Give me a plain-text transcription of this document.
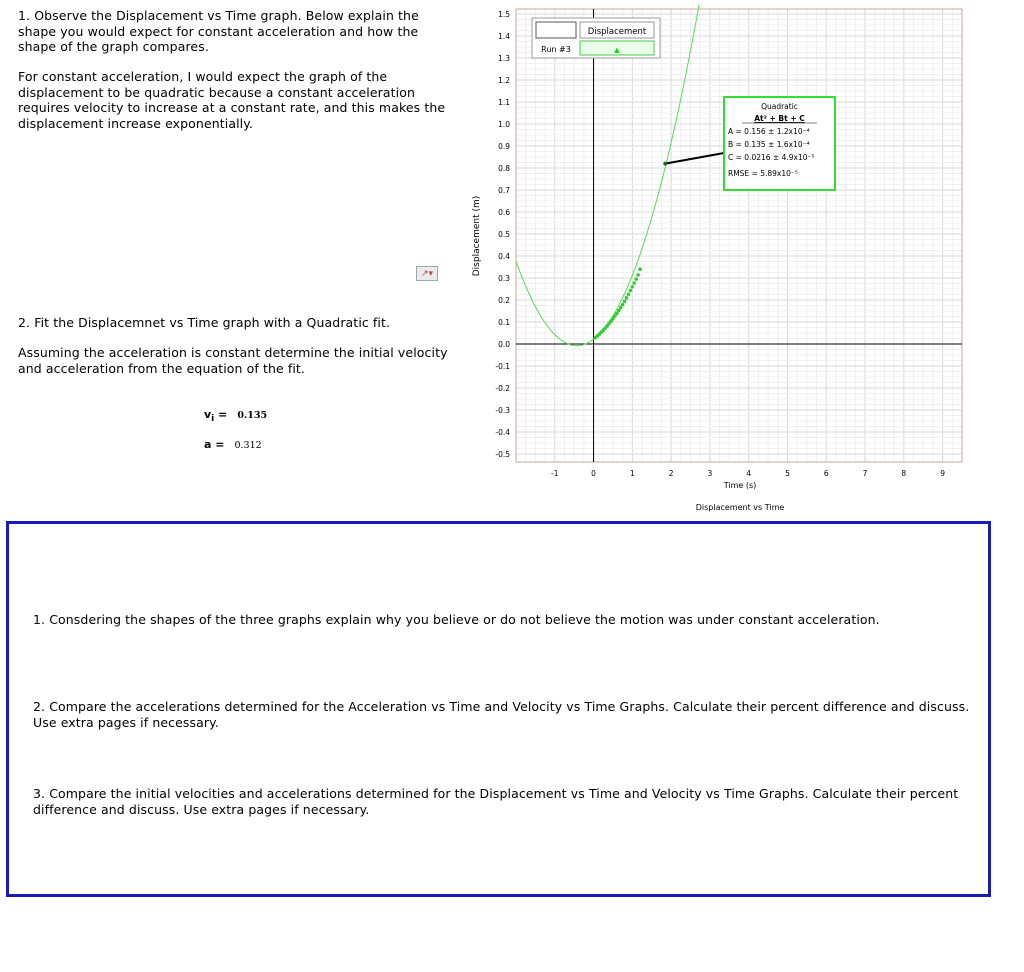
1. Observe the Displacement vs Time graph. Below explain the shape you would expect for constant acceleration and how the shape of the graph compares.
For constant acceleration, I would expect the graph of the displacement to be quadratic because a constant acceleration requires velocity to increase at a constant rate, and this makes the displacement increase exponentially.
↗▾
2. Fit the Displacemnet vs Time graph with a Quadratic fit.
Assuming the acceleration is constant determine the initial velocity and acceleration from the equation of the fit.
$v_i = 0.135$
a = 0.312
-0.5
-0.4
-0.3
-0.2
-0.1
0.0
0.1
0.2
0.3
0.4
0.5
0.6
0.7
0.8
0.9
1.0
1.1
1.2
1.3
1.4
1.5
-1	0	1	2	3	4	5	6	7	8	9
Displacement (m)
Time (s)
Displacement vs Time
Displacement
Run #3	▲
Quadratic
At² + Bt + C
A = 0.156 ± 1.2x10⁻⁴
B = 0.135 ± 1.6x10⁻⁴
C = 0.0216 ± 4.9x10⁻⁵
RMSE = 5.89x10⁻⁵
1. Consdering the shapes of the three graphs explain why you believe or do not believe the motion was under constant acceleration.
2. Compare the accelerations determined for the Acceleration vs Time and Velocity vs Time Graphs. Calculate their percent difference and discuss. Use extra pages if necessary.
3. Compare the initial velocities and accelerations determined for the Displacement vs Time and Velocity vs Time Graphs. Calculate their percent difference and discuss. Use extra pages if necessary.
